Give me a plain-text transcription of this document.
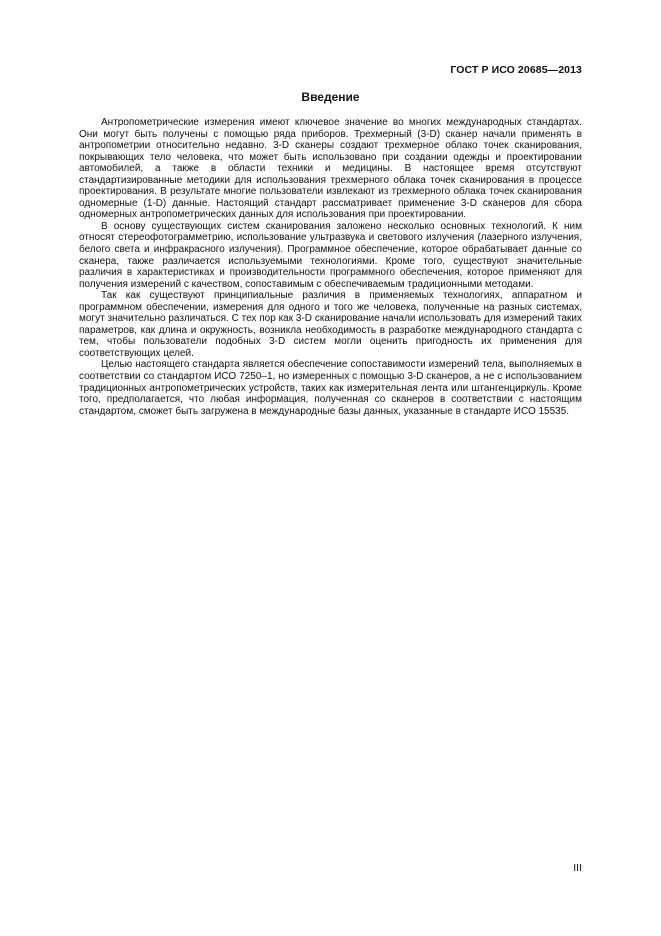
ГОСТ Р ИСО 20685—2013
Введение

Антропометрические измерения имеют ключевое значение во многих международных стандартах. Они могут быть получены с помощью ряда приборов. Трехмерный (3-D) сканер начали применять в антропометрии относительно недавно. 3-D сканеры создают трехмерное облако точек сканирования, покрывающих тело человека, что может быть использовано при создании одежды и проектировании автомобилей, а также в области техники и медицины. В настоящее время отсутствуют стандартизированные методики для использования трехмерного облака точек сканирования в процессе проектирования. В результате многие пользователи извлекают из трехмерного облака точек сканирования одномерные (1-D) данные. Настоящий стандарт рассматривает применение 3-D сканеров для сбора одномерных антропометрических данных для использования при проектировании.

В основу существующих систем сканирования заложено несколько основных технологий. К ним относят стереофотограмметрию, использование ультразвука и светового излучения (лазерного излучения, белого света и инфракрасного излучения). Программное обеспечение, которое обрабатывает данные со сканера, также различается используемыми технологиями. Кроме того, существуют значительные различия в характеристиках и производительности программного обеспечения, которое применяют для получения измерений с качеством, сопоставимым с обеспечиваемым традиционными методами.

Так как существуют принципиальные различия в применяемых технологиях, аппаратном и программном обеспечении, измерения для одного и того же человека, полученные на разных системах, могут значительно различаться. С тех пор как 3-D сканирование начали использовать для измерений таких параметров, как длина и окружность, возникла необходимость в разработке международного стандарта с тем, чтобы пользователи подобных 3-D систем могли оценить пригодность их применения для соответствующих целей.

Целью настоящего стандарта является обеспечение сопоставимости измерений тела, выполняемых в соответствии со стандартом ИСО 7250–1, но измеренных с помощью 3-D сканеров, а не с использованием традиционных антропометрических устройств, таких как измерительная лента или штангенциркуль. Кроме того, предполагается, что любая информация, полученная со сканеров в соответствии с настоящим стандартом, сможет быть загружена в международные базы данных, указанные в стандарте ИСО 15535.

III
